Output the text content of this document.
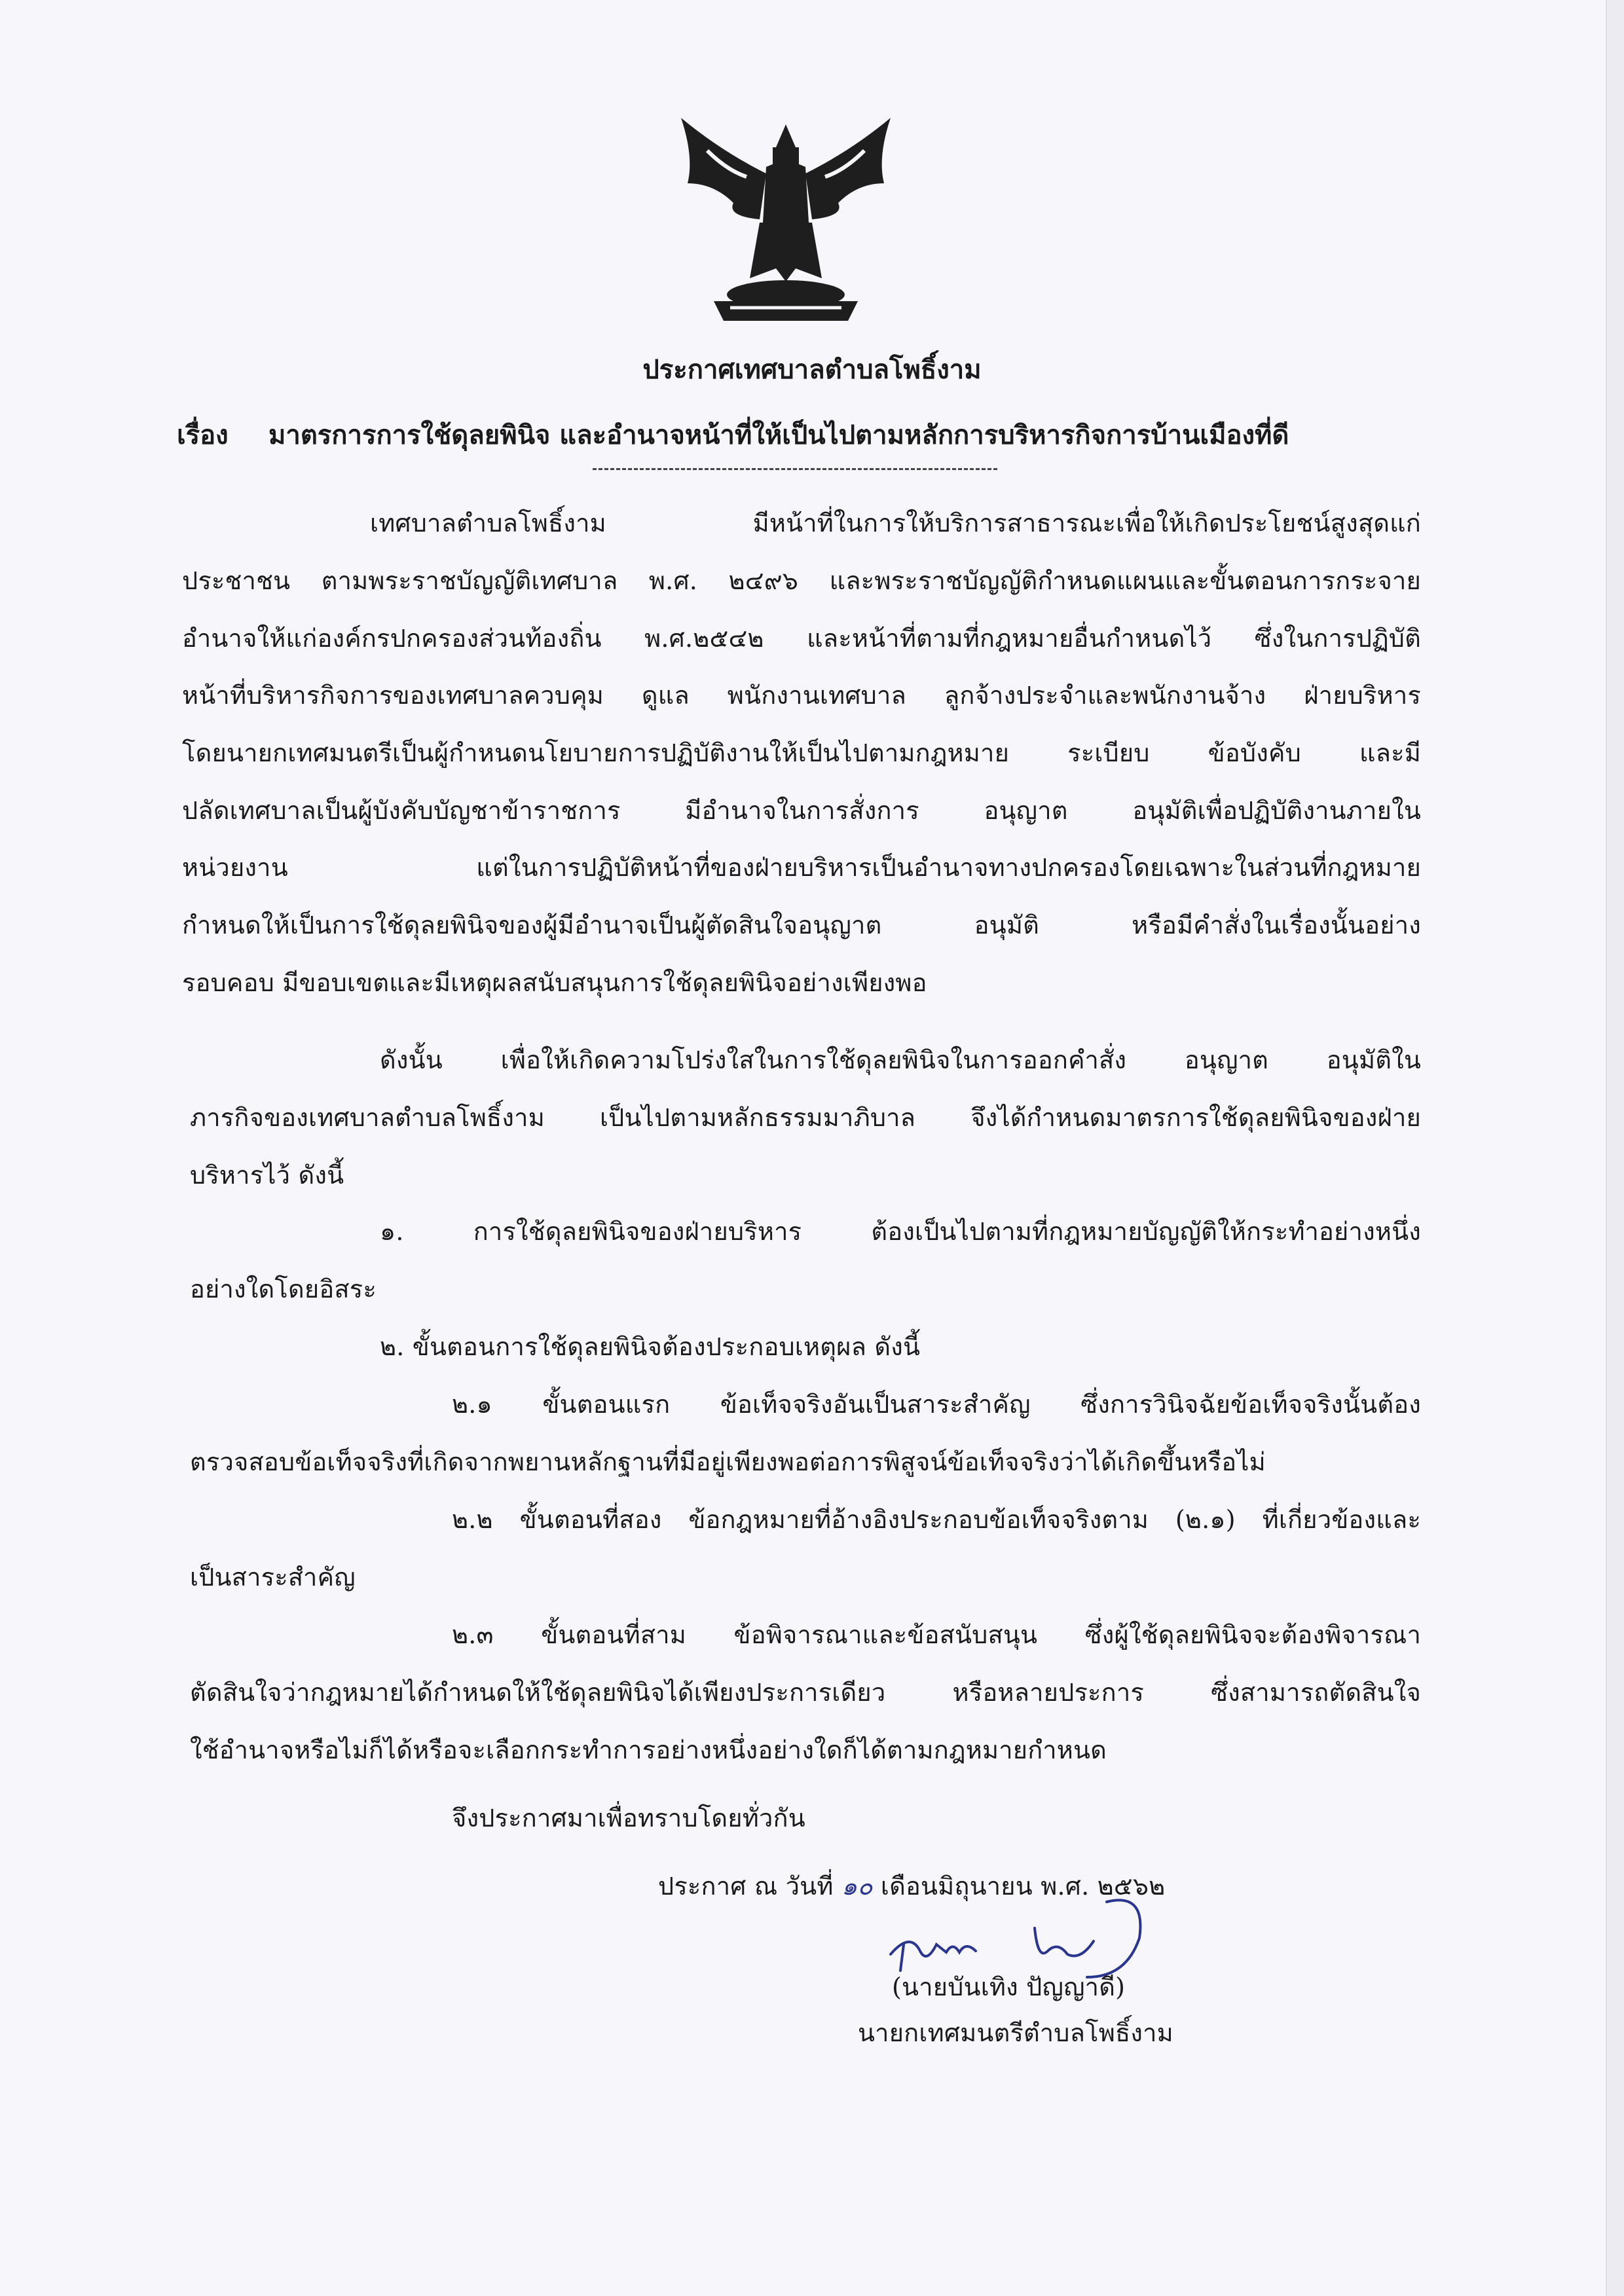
ประกาศเทศบาลตำบลโพธิ์งาม
เรื่อง มาตรการการใช้ดุลยพินิจ และอำนาจหน้าที่ให้เป็นไปตามหลักการบริหารกิจการบ้านเมืองที่ดี
เทศบาลตำบลโพธิ์งาม มีหน้าที่ในการให้บริการสาธารณะเพื่อให้เกิดประโยชน์สูงสุดแก่
ประชาชน ตามพระราชบัญญัติเทศบาล พ.ศ. ๒๔๙๖ และพระราชบัญญัติกำหนดแผนและขั้นตอนการกระจาย
อำนาจให้แก่องค์กรปกครองส่วนท้องถิ่น พ.ศ.๒๕๔๒ และหน้าที่ตามที่กฎหมายอื่นกำหนดไว้ ซึ่งในการปฏิบัติ
หน้าที่บริหารกิจการของเทศบาลควบคุม ดูแล พนักงานเทศบาล ลูกจ้างประจำและพนักงานจ้าง ฝ่ายบริหาร
โดยนายกเทศมนตรีเป็นผู้กำหนดนโยบายการปฏิบัติงานให้เป็นไปตามกฎหมาย ระเบียบ ข้อบังคับ และมี
ปลัดเทศบาลเป็นผู้บังคับบัญชาข้าราชการ มีอำนาจในการสั่งการ อนุญาต อนุมัติเพื่อปฏิบัติงานภายใน
หน่วยงาน แต่ในการปฏิบัติหน้าที่ของฝ่ายบริหารเป็นอำนาจทางปกครองโดยเฉพาะในส่วนที่กฎหมาย
กำหนดให้เป็นการใช้ดุลยพินิจของผู้มีอำนาจเป็นผู้ตัดสินใจอนุญาต อนุมัติ หรือมีคำสั่งในเรื่องนั้นอย่าง
รอบคอบ มีขอบเขตและมีเหตุผลสนับสนุนการใช้ดุลยพินิจอย่างเพียงพอ
ดังนั้น เพื่อให้เกิดความโปร่งใสในการใช้ดุลยพินิจในการออกคำสั่ง อนุญาต อนุมัติใน
ภารกิจของเทศบาลตำบลโพธิ์งาม เป็นไปตามหลักธรรมมาภิบาล จึงได้กำหนดมาตรการใช้ดุลยพินิจของฝ่าย
บริหารไว้ ดังนี้
๑. การใช้ดุลยพินิจของฝ่ายบริหาร ต้องเป็นไปตามที่กฎหมายบัญญัติให้กระทำอย่างหนึ่ง
อย่างใดโดยอิสระ
๒. ขั้นตอนการใช้ดุลยพินิจต้องประกอบเหตุผล ดังนี้
๒.๑ ขั้นตอนแรก ข้อเท็จจริงอันเป็นสาระสำคัญ ซึ่งการวินิจฉัยข้อเท็จจริงนั้นต้อง
ตรวจสอบข้อเท็จจริงที่เกิดจากพยานหลักฐานที่มีอยู่เพียงพอต่อการพิสูจน์ข้อเท็จจริงว่าได้เกิดขึ้นหรือไม่
๒.๒ ขั้นตอนที่สอง ข้อกฎหมายที่อ้างอิงประกอบข้อเท็จจริงตาม (๒.๑) ที่เกี่ยวข้องและ
เป็นสาระสำคัญ
๒.๓ ขั้นตอนที่สาม ข้อพิจารณาและข้อสนับสนุน ซึ่งผู้ใช้ดุลยพินิจจะต้องพิจารณา
ตัดสินใจว่ากฎหมายได้กำหนดให้ใช้ดุลยพินิจได้เพียงประการเดียว หรือหลายประการ ซึ่งสามารถตัดสินใจ
ใช้อำนาจหรือไม่ก็ได้หรือจะเลือกกระทำการอย่างหนึ่งอย่างใดก็ได้ตามกฎหมายกำหนด
จึงประกาศมาเพื่อทราบโดยทั่วกัน
ประกาศ ณ วันที่ ๑๐ เดือนมิถุนายน พ.ศ. ๒๕๖๒
(นายบันเทิง ปัญญาดี)
นายกเทศมนตรีตำบลโพธิ์งาม
